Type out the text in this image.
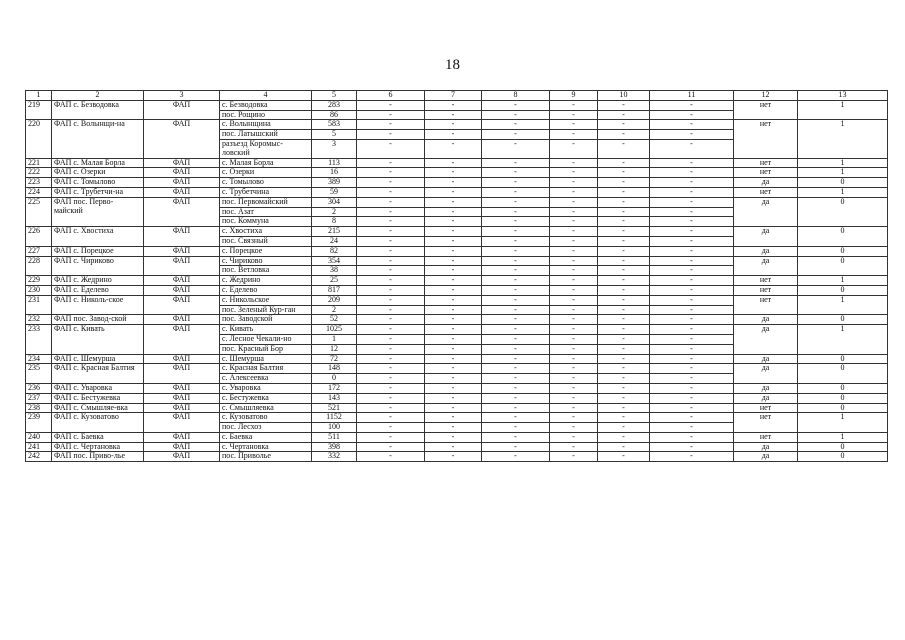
18
1	2	3	4	5	6	7	8	9	10	11	12	13
219	ФАП с. Безводовка	ФАП	с. Безводовка	283	-	-	-	-	-	-	нет	1
			пос. Рощино	86	-	-	-	-	-	-		
220	ФАП с. Волынщи-на	ФАП	с. Волынщина	583	-	-	-	-	-	-	нет	1
			пос. Латышский	5	-	-	-	-	-	-		
			разъезд Коромыс-ловский	3	-	-	-	-	-	-		
221	ФАП с. Малая Борла	ФАП	с. Малая Борла	113	-	-	-	-	-	-	нет	1
222	ФАП с. Озерки	ФАП	с. Озерки	16	-	-	-	-	-	-	нет	1
223	ФАП с. Томылово	ФАП	с. Томылово	389	-	-	-	-	-	-	да	0
224	ФАП с. Трубетчи-на	ФАП	с. Трубетчина	59	-	-	-	-	-	-	нет	1
225	ФАП пос. Перво-майский	ФАП	пос. Первомайский	304	-	-	-	-	-	-	да	0
			пос. Азат	2	-	-	-	-	-	-		
			пос. Коммуна	8	-	-	-	-	-	-		
226	ФАП с. Хвостиха	ФАП	с. Хвостиха	215	-	-	-	-	-	-	да	0
			пос. Связный	24	-	-	-	-	-	-		
227	ФАП с. Порецкое	ФАП	с. Порецкое	82	-	-	-	-	-	-	да	0
228	ФАП с. Чириково	ФАП	с. Чириково	354	-	-	-	-	-	-	да	0
			пос. Ветловка	38	-	-	-	-	-	-		
229	ФАП с. Жедрино	ФАП	с. Жедрино	25	-	-	-	-	-	-	нет	1
230	ФАП с. Еделево	ФАП	с. Еделево	817	-	-	-	-	-	-	нет	0
231	ФАП с. Николь-ское	ФАП	с. Никольское	209	-	-	-	-	-	-	нет	1
			пос. Зеленый Кур-ган	2	-	-	-	-	-	-		
232	ФАП пос. Завод-ской	ФАП	пос. Заводской	52	-	-	-	-	-	-	да	0
233	ФАП с. Кивать	ФАП	с. Кивать	1025	-	-	-	-	-	-	да	1
			с. Лесное Чекали-но	1	-	-	-	-	-	-		
			пос. Красный Бор	12	-	-	-	-	-	-		
234	ФАП с. Шемурша	ФАП	с. Шемурша	72	-	-	-	-	-	-	да	0
235	ФАП с. Красная Балтия	ФАП	с. Красная Балтия	148	-	-	-	-	-	-	да	0
			с. Алексеевка	0	-	-	-	-	-	-		
236	ФАП с. Уваровка	ФАП	с. Уваровка	172	-	-	-	-	-	-	да	0
237	ФАП с. Бестужевка	ФАП	с. Бестужевка	143	-	-	-	-	-	-	да	0
238	ФАП с. Смышляе-вка	ФАП	с. Смышляевка	521	-	-	-	-	-	-	нет	0
239	ФАП с. Кузоватово	ФАП	с. Кузоватово	1152	-	-	-	-	-	-	нет	1
			пос. Лесхоз	100	-	-	-	-	-	-		
240	ФАП с. Баевка	ФАП	с. Баевка	511	-	-	-	-	-	-	нет	1
241	ФАП с. Чертановка	ФАП	с. Чертановка	398	-	-	-	-	-	-	да	0
242	ФАП пос. Приво-лье	ФАП	пос. Приволье	332	-	-	-	-	-	-	да	0
